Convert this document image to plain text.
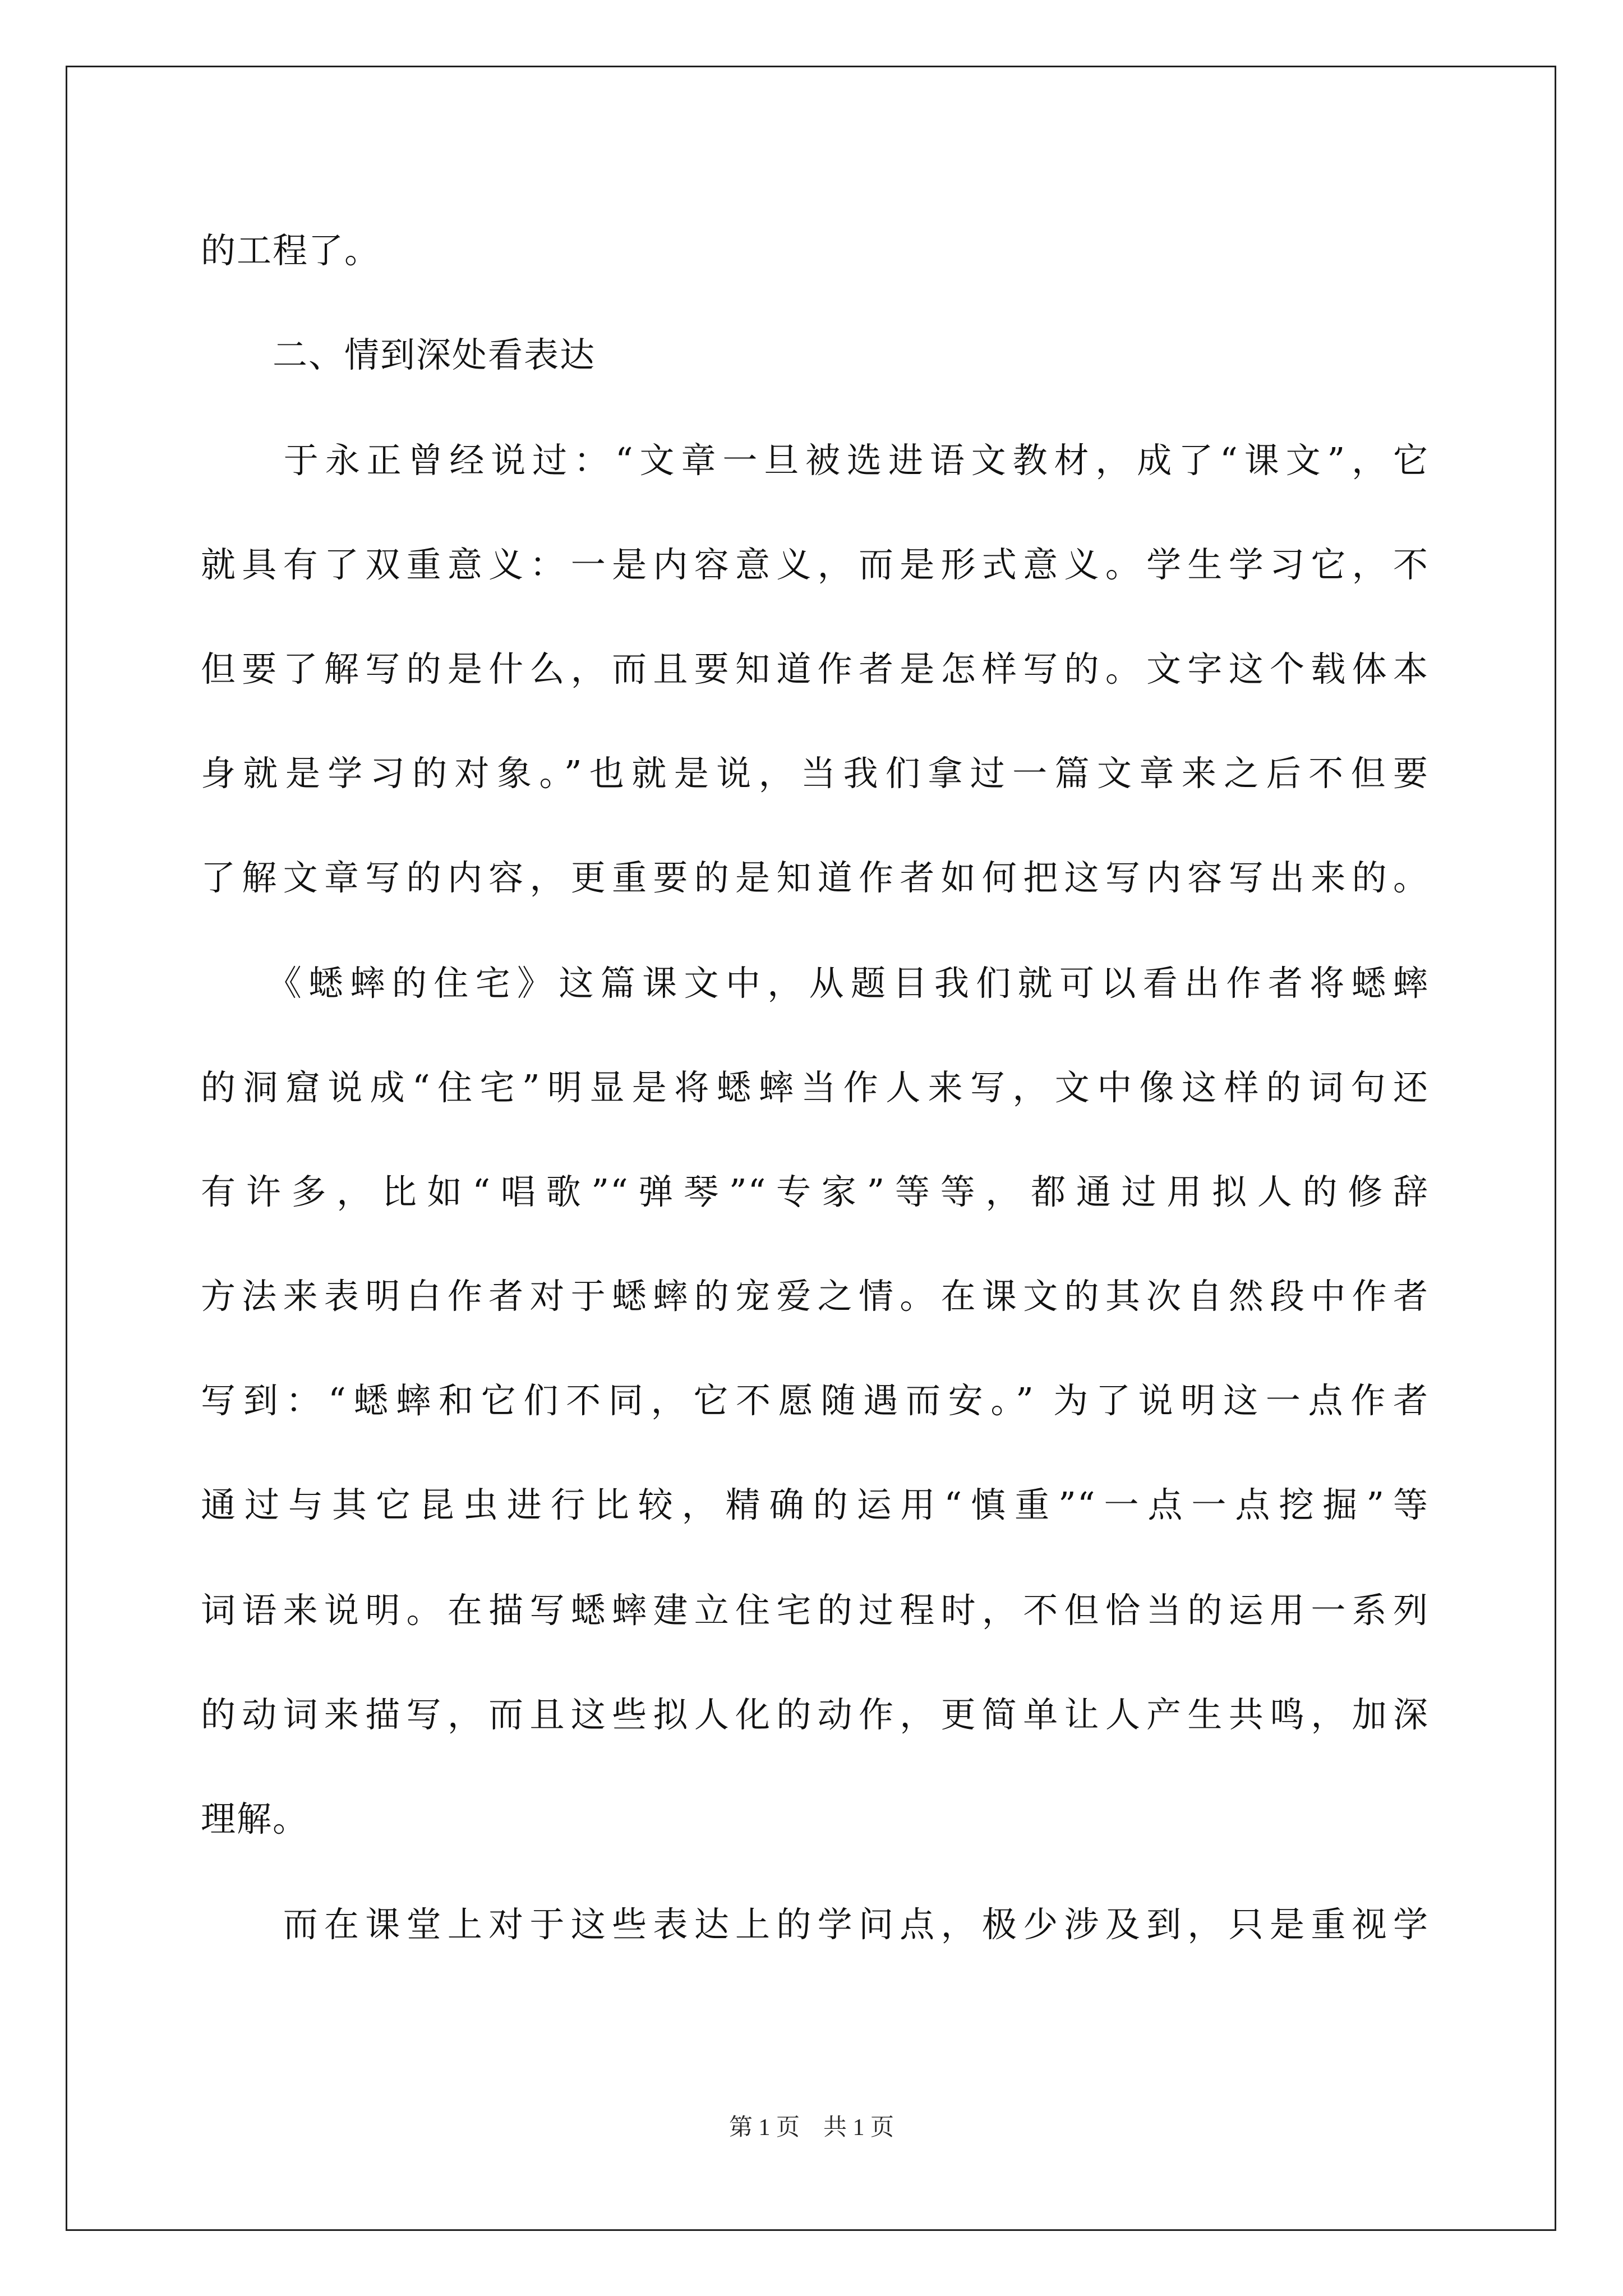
的工程了。
　　二、情到深处看表达
　　于永正曾经说过：“文章一旦被选进语文教材，成了“课文”，它
就具有了双重意义：一是内容意义，而是形式意义。学生学习它，不
但要了解写的是什么，而且要知道作者是怎样写的。文字这个载体本
身就是学习的对象。”也就是说，当我们拿过一篇文章来之后不但要
了解文章写的内容，更重要的是知道作者如何把这写内容写出来的。
　　《蟋蟀的住宅》这篇课文中，从题目我们就可以看出作者将蟋蟀
的洞窟说成“住宅”明显是将蟋蟀当作人来写，文中像这样的词句还
有许多，比如“唱歌”“弹琴”“专家”等等，都通过用拟人的修辞
方法来表明白作者对于蟋蟀的宠爱之情。在课文的其次自然段中作者
写到：“蟋蟀和它们不同，它不愿随遇而安。” 为了说明这一点作者
通过与其它昆虫进行比较，精确的运用“慎重”“一点一点挖掘”等
词语来说明。在描写蟋蟀建立住宅的过程时，不但恰当的运用一系列
的动词来描写，而且这些拟人化的动作，更简单让人产生共鸣，加深
理解。
　　而在课堂上对于这些表达上的学问点，极少涉及到，只是重视学
第 1 页　共 1 页
